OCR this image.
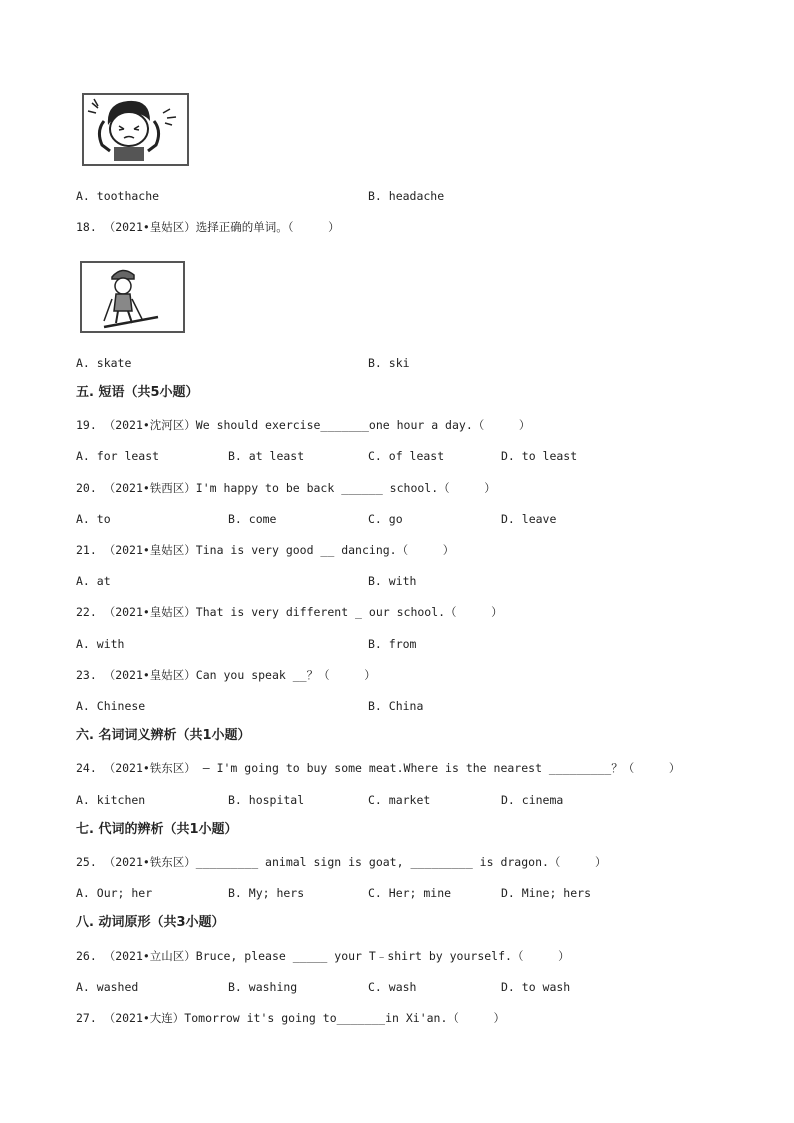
A. toothache	B. headache
18. （2021•皇姑区）选择正确的单词。（     ）
A. skate	B. ski
五. 短语（共5小题）
19. （2021•沈河区）We should exercise_______one hour a day.（     ）
A. for least	B. at least	C. of least	D. to least
20. （2021•铁西区）I'm happy to be back ______ school.（     ）
A. to	B. come	C. go	D. leave
21. （2021•皇姑区）Tina is very good __ dancing.（     ）
A. at	B. with
22. （2021•皇姑区）That is very different _ our school.（     ）
A. with	B. from
23. （2021•皇姑区）Can you speak __？（     ）
A. Chinese	B. China
六. 名词词义辨析（共1小题）
24. （2021•铁东区） – I'm going to buy some meat.Where is the nearest _________？（     ）
A. kitchen	B. hospital	C. market	D. cinema
七. 代词的辨析（共1小题）
25. （2021•铁东区）_________ animal sign is goat, _________ is dragon.（     ）
A. Our; her	B. My; hers	C. Her; mine	D. Mine; hers
八. 动词原形（共3小题）
26. （2021•立山区）Bruce, please _____ your T﹣shirt by yourself.（     ）
A. washed	B. washing	C. wash	D. to wash
27. （2021•大连）Tomorrow it's going to_______in Xi'an.（     ）
